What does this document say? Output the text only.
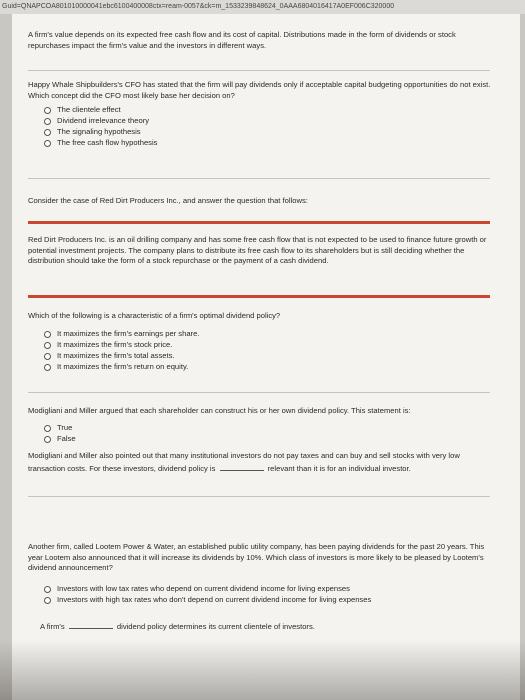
Guid=QNAPCOA80101000004​1ebc6100400008ctx=ream-0057&ck=m_1533239848624_0AAA6804016417A0EF006C320000

A firm's value depends on its expected free cash flow and its cost of capital. Distributions made in the form of dividends or stock repurchases impact the firm's value and the investors in different ways.

Happy Whale Shipbuilders's CFO has stated that the firm will pay dividends only if acceptable capital budgeting opportunities do not exist. Which concept did the CFO most likely base her decision on?

The clientele effect
Dividend irrelevance theory
The signaling hypothesis
The free cash flow hypothesis

Consider the case of Red Dirt Producers Inc., and answer the question that follows:

Red Dirt Producers Inc. is an oil drilling company and has some free cash flow that is not expected to be used to finance future growth or potential investment projects. The company plans to distribute its free cash flow to its shareholders but is still deciding whether the distribution should take the form of a stock repurchase or the payment of a cash dividend.

Which of the following is a characteristic of a firm's optimal dividend policy?

It maximizes the firm's earnings per share.
It maximizes the firm's stock price.
It maximizes the firm's total assets.
It maximizes the firm's return on equity.

Modigliani and Miller argued that each shareholder can construct his or her own dividend policy. This statement is:

True
False

Modigliani and Miller also pointed out that many institutional investors do not pay taxes and can buy and sell stocks with very low transaction costs. For these investors, dividend policy is	relevant than it is for an individual investor.

Another firm, called Lootem Power & Water, an established public utility company, has been paying dividends for the past 20 years. This year Lootem also announced that it will increase its dividends by 10%. Which class of investors is more likely to be pleased by Lootem's dividend announcement?

Investors with low tax rates who depend on current dividend income for living expenses
Investors with high tax rates who don't depend on current dividend income for living expenses

A firm's	dividend policy determines its current clientele of investors.
